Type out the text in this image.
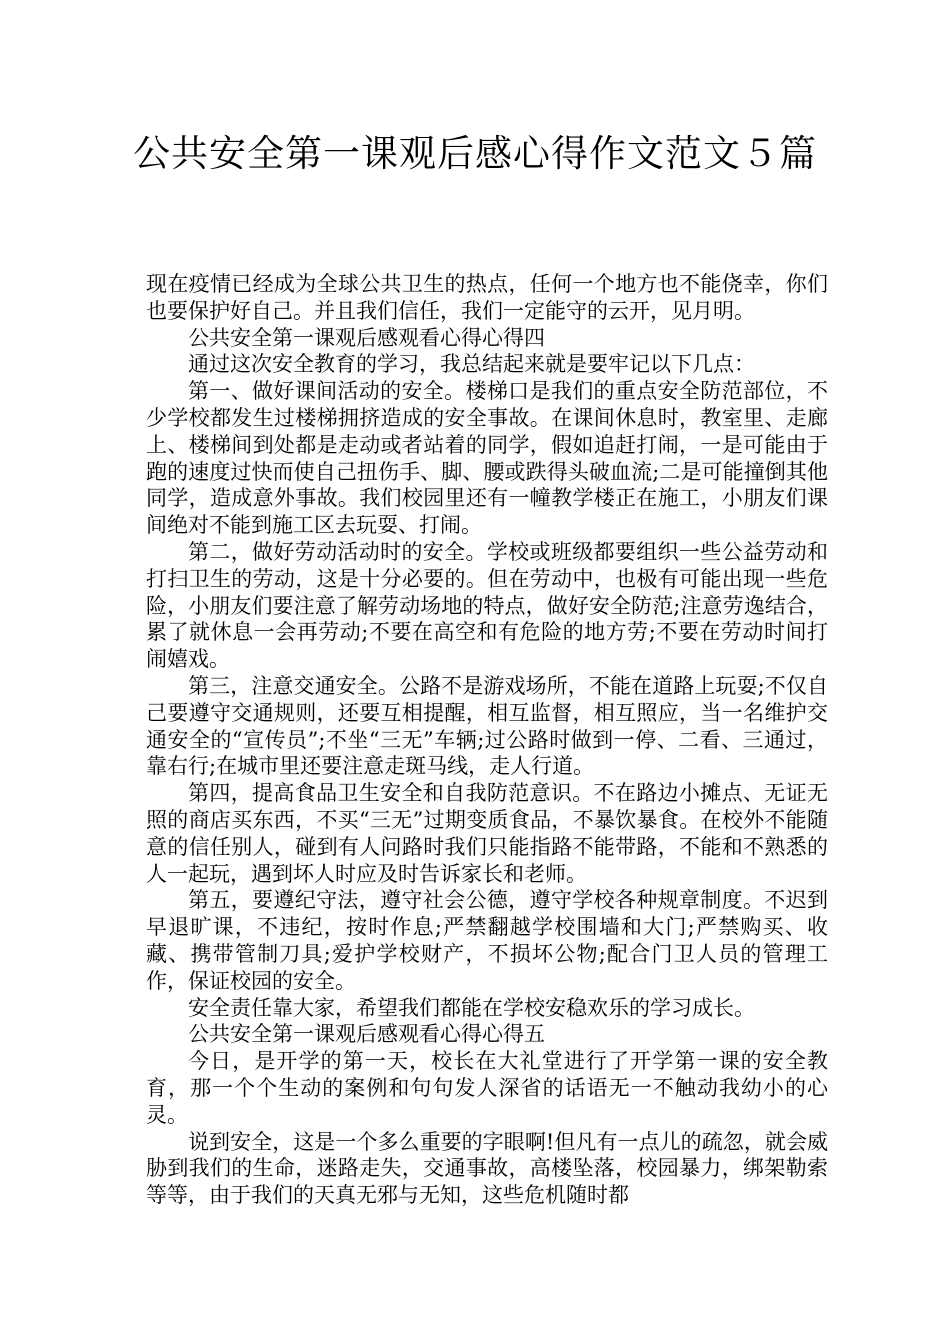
公共安全第一课观后感心得作文范文５篇

现在疫情已经成为全球公共卫生的热点，任何一个地方也不能侥幸，你们也要保护好自己。并且我们信任，我们一定能守的云开，见月明。

公共安全第一课观后感观看心得心得四

通过这次安全教育的学习，我总结起来就是要牢记以下几点：

第一、做好课间活动的安全。楼梯口是我们的重点安全防范部位，不少学校都发生过楼梯拥挤造成的安全事故。在课间休息时，教室里、走廊上、楼梯间到处都是走动或者站着的同学，假如追赶打闹，一是可能由于跑的速度过快而使自己扭伤手、脚、腰或跌得头破血流;二是可能撞倒其他同学，造成意外事故。我们校园里还有一幢教学楼正在施工，小朋友们课间绝对不能到施工区去玩耍、打闹。

第二，做好劳动活动时的安全。学校或班级都要组织一些公益劳动和打扫卫生的劳动，这是十分必要的。但在劳动中，也极有可能出现一些危险，小朋友们要注意了解劳动场地的特点，做好安全防范;注意劳逸结合，累了就休息一会再劳动;不要在高空和有危险的地方劳;不要在劳动时间打闹嬉戏。

第三，注意交通安全。公路不是游戏场所，不能在道路上玩耍;不仅自己要遵守交通规则，还要互相提醒，相互监督，相互照应，当一名维护交通安全的“宣传员”;不坐“三无”车辆;过公路时做到一停、二看、三通过，靠右行;在城市里还要注意走斑马线，走人行道。

第四，提高食品卫生安全和自我防范意识。不在路边小摊点、无证无照的商店买东西，不买“三无”过期变质食品，不暴饮暴食。在校外不能随意的信任别人，碰到有人问路时我们只能指路不能带路，不能和不熟悉的人一起玩，遇到坏人时应及时告诉家长和老师。

第五，要遵纪守法，遵守社会公德，遵守学校各种规章制度。不迟到早退旷课，不违纪，按时作息;严禁翻越学校围墙和大门;严禁购买、收藏、携带管制刀具;爱护学校财产，不损坏公物;配合门卫人员的管理工作，保证校园的安全。

安全责任靠大家，希望我们都能在学校安稳欢乐的学习成长。

公共安全第一课观后感观看心得心得五

今日，是开学的第一天，校长在大礼堂进行了开学第一课的安全教育，那一个个生动的案例和句句发人深省的话语无一不触动我幼小的心灵。

说到安全，这是一个多么重要的字眼啊!但凡有一点儿的疏忽，就会威胁到我们的生命，迷路走失，交通事故，高楼坠落，校园暴力，绑架勒索等等，由于我们的天真无邪与无知，这些危机随时都
